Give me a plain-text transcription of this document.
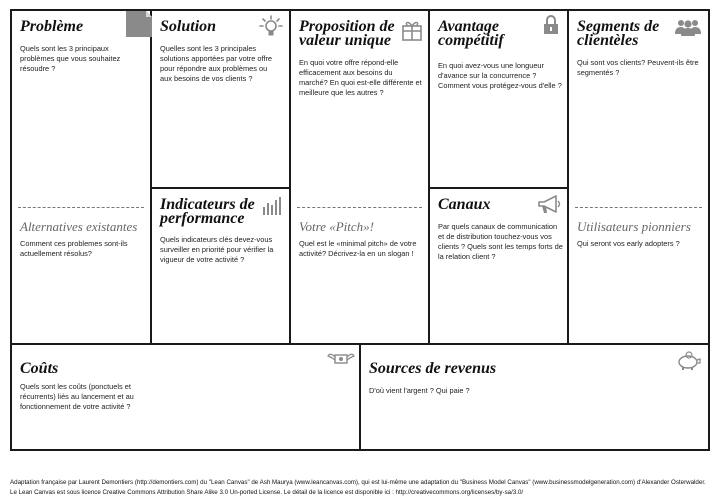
Problème
Quels sont les 3 principaux problèmes que vous souhaitez résoudre ?
Alternatives existantes
Comment ces problemes sont-ils actuellement résolus?
Solution
Quelles sont les 3 principales solutions apportées par votre offre pour répondre aux problèmes ou aux besoins de vos clients ?
Indicateurs de performance
Quels indicateurs clés devez-vous surveiller en priorité pour vérifier la vigueur de votre activité ?
Proposition de valeur unique
En quoi votre offre répond-elle efficacement aux besoins du marché? En quoi est-elle différente et meilleure que les autres ?
Votre «Pitch»!
Quel est le «minimal pitch» de votre activité? Décrivez-la en un slogan !
Avantage compétitif
En quoi avez-vous une longueur d'avance sur la concurrence ? Comment vous protégez-vous d'elle ?
Canaux
Par quels canaux de communication et de distribution touchez-vous vos clients ? Quels sont les temps forts de la relation client ?
Segments de clientèles
Qui sont vos clients? Peuvent-ils être segmentés ?
Utilisateurs pionniers
Qui seront vos early adopters ?
Coûts
Quels sont les coûts (ponctuels et récurrents) liés au lancement et au fonctionnement de votre activité ?
Sources de revenus
D'où vient l'argent ? Qui paie ?
Adaptation française par Laurent Demontiers (http://demontiers.com) du "Lean Canvas" de Ash Maurya (www.leancanvas.com), qui est lui-même une adaptation du "Business Model Canvas" (www.businessmodelgeneration.com) d'Alexander Osterwalder.
Le Lean Canvas est sous licence Creative Commons Attribution Share Alike 3.0 Un-ported License. Le détail de la licence est disponible ici : http://creativecommons.org/licenses/by-sa/3.0/
